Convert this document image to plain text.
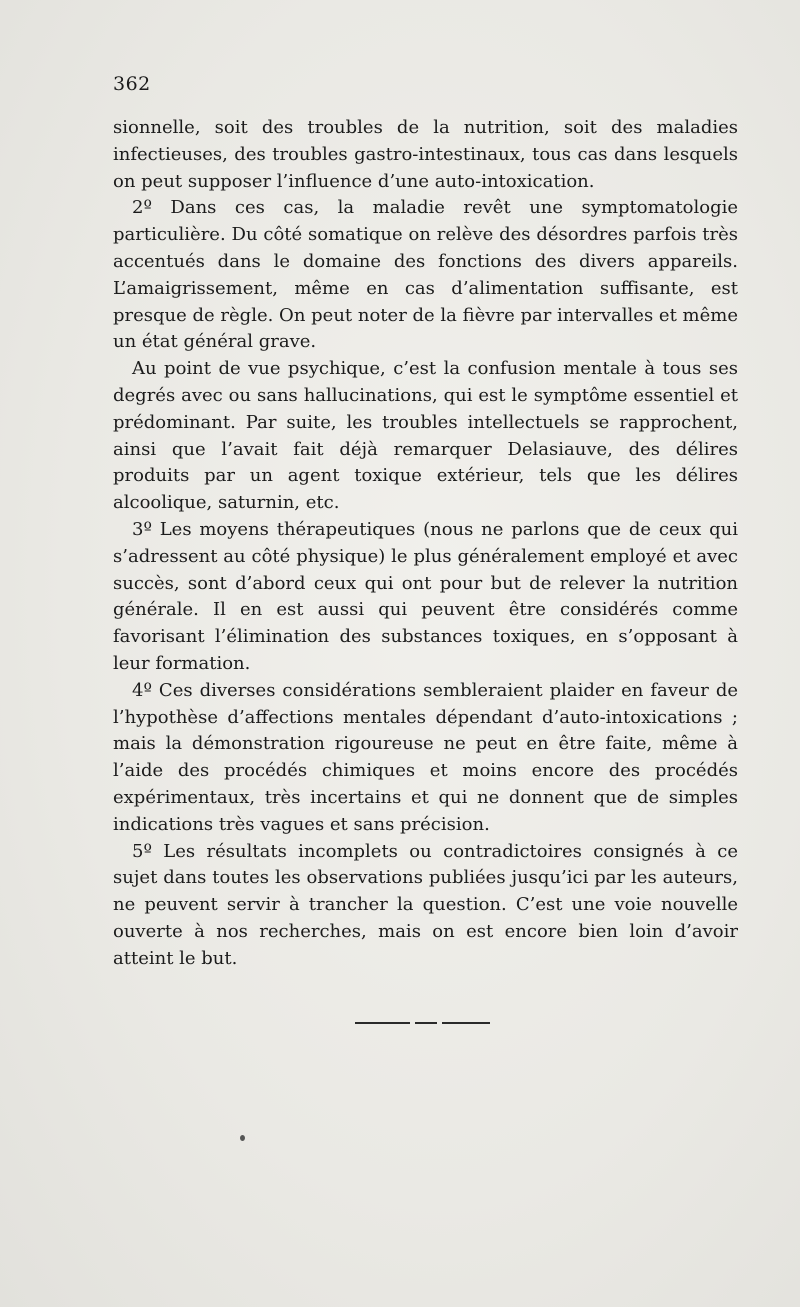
362

sionnelle, soit des troubles de la nutrition, soit des maladies infectieuses, des troubles gastro-intestinaux, tous cas dans lesquels on peut supposer l’influence d’une auto-intoxication.

2º Dans ces cas, la maladie revêt une symptomatologie particulière. Du côté somatique on relève des désordres parfois très accentués dans le domaine des fonctions des divers appareils. L’amaigrissement, même en cas d’alimentation suffisante, est presque de règle. On peut noter de la fièvre par intervalles et même un état général grave.

Au point de vue psychique, c’est la confusion mentale à tous ses degrés avec ou sans hallucinations, qui est le symptôme essentiel et prédominant. Par suite, les troubles intellectuels se rapprochent, ainsi que l’avait fait déjà remarquer Delasiauve, des délires produits par un agent toxique extérieur, tels que les délires alcoolique, saturnin, etc.

3º Les moyens thérapeutiques (nous ne parlons que de ceux qui s’adressent au côté physique) le plus généralement employé et avec succès, sont d’abord ceux qui ont pour but de relever la nutrition générale. Il en est aussi qui peuvent être considérés comme favorisant l’élimination des substances toxiques, en s’opposant à leur formation.

4º Ces diverses considérations sembleraient plaider en faveur de l’hypothèse d’affections mentales dépendant d’auto-intoxications ; mais la démonstration rigoureuse ne peut en être faite, même à l’aide des procédés chimiques et moins encore des procédés expérimentaux, très incertains et qui ne donnent que de simples indications très vagues et sans précision.

5º Les résultats incomplets ou contradictoires consignés à ce sujet dans toutes les observations publiées jusqu’ici par les auteurs, ne peuvent servir à trancher la question. C’est une voie nouvelle ouverte à nos recherches, mais on est encore bien loin d’avoir atteint le but.
